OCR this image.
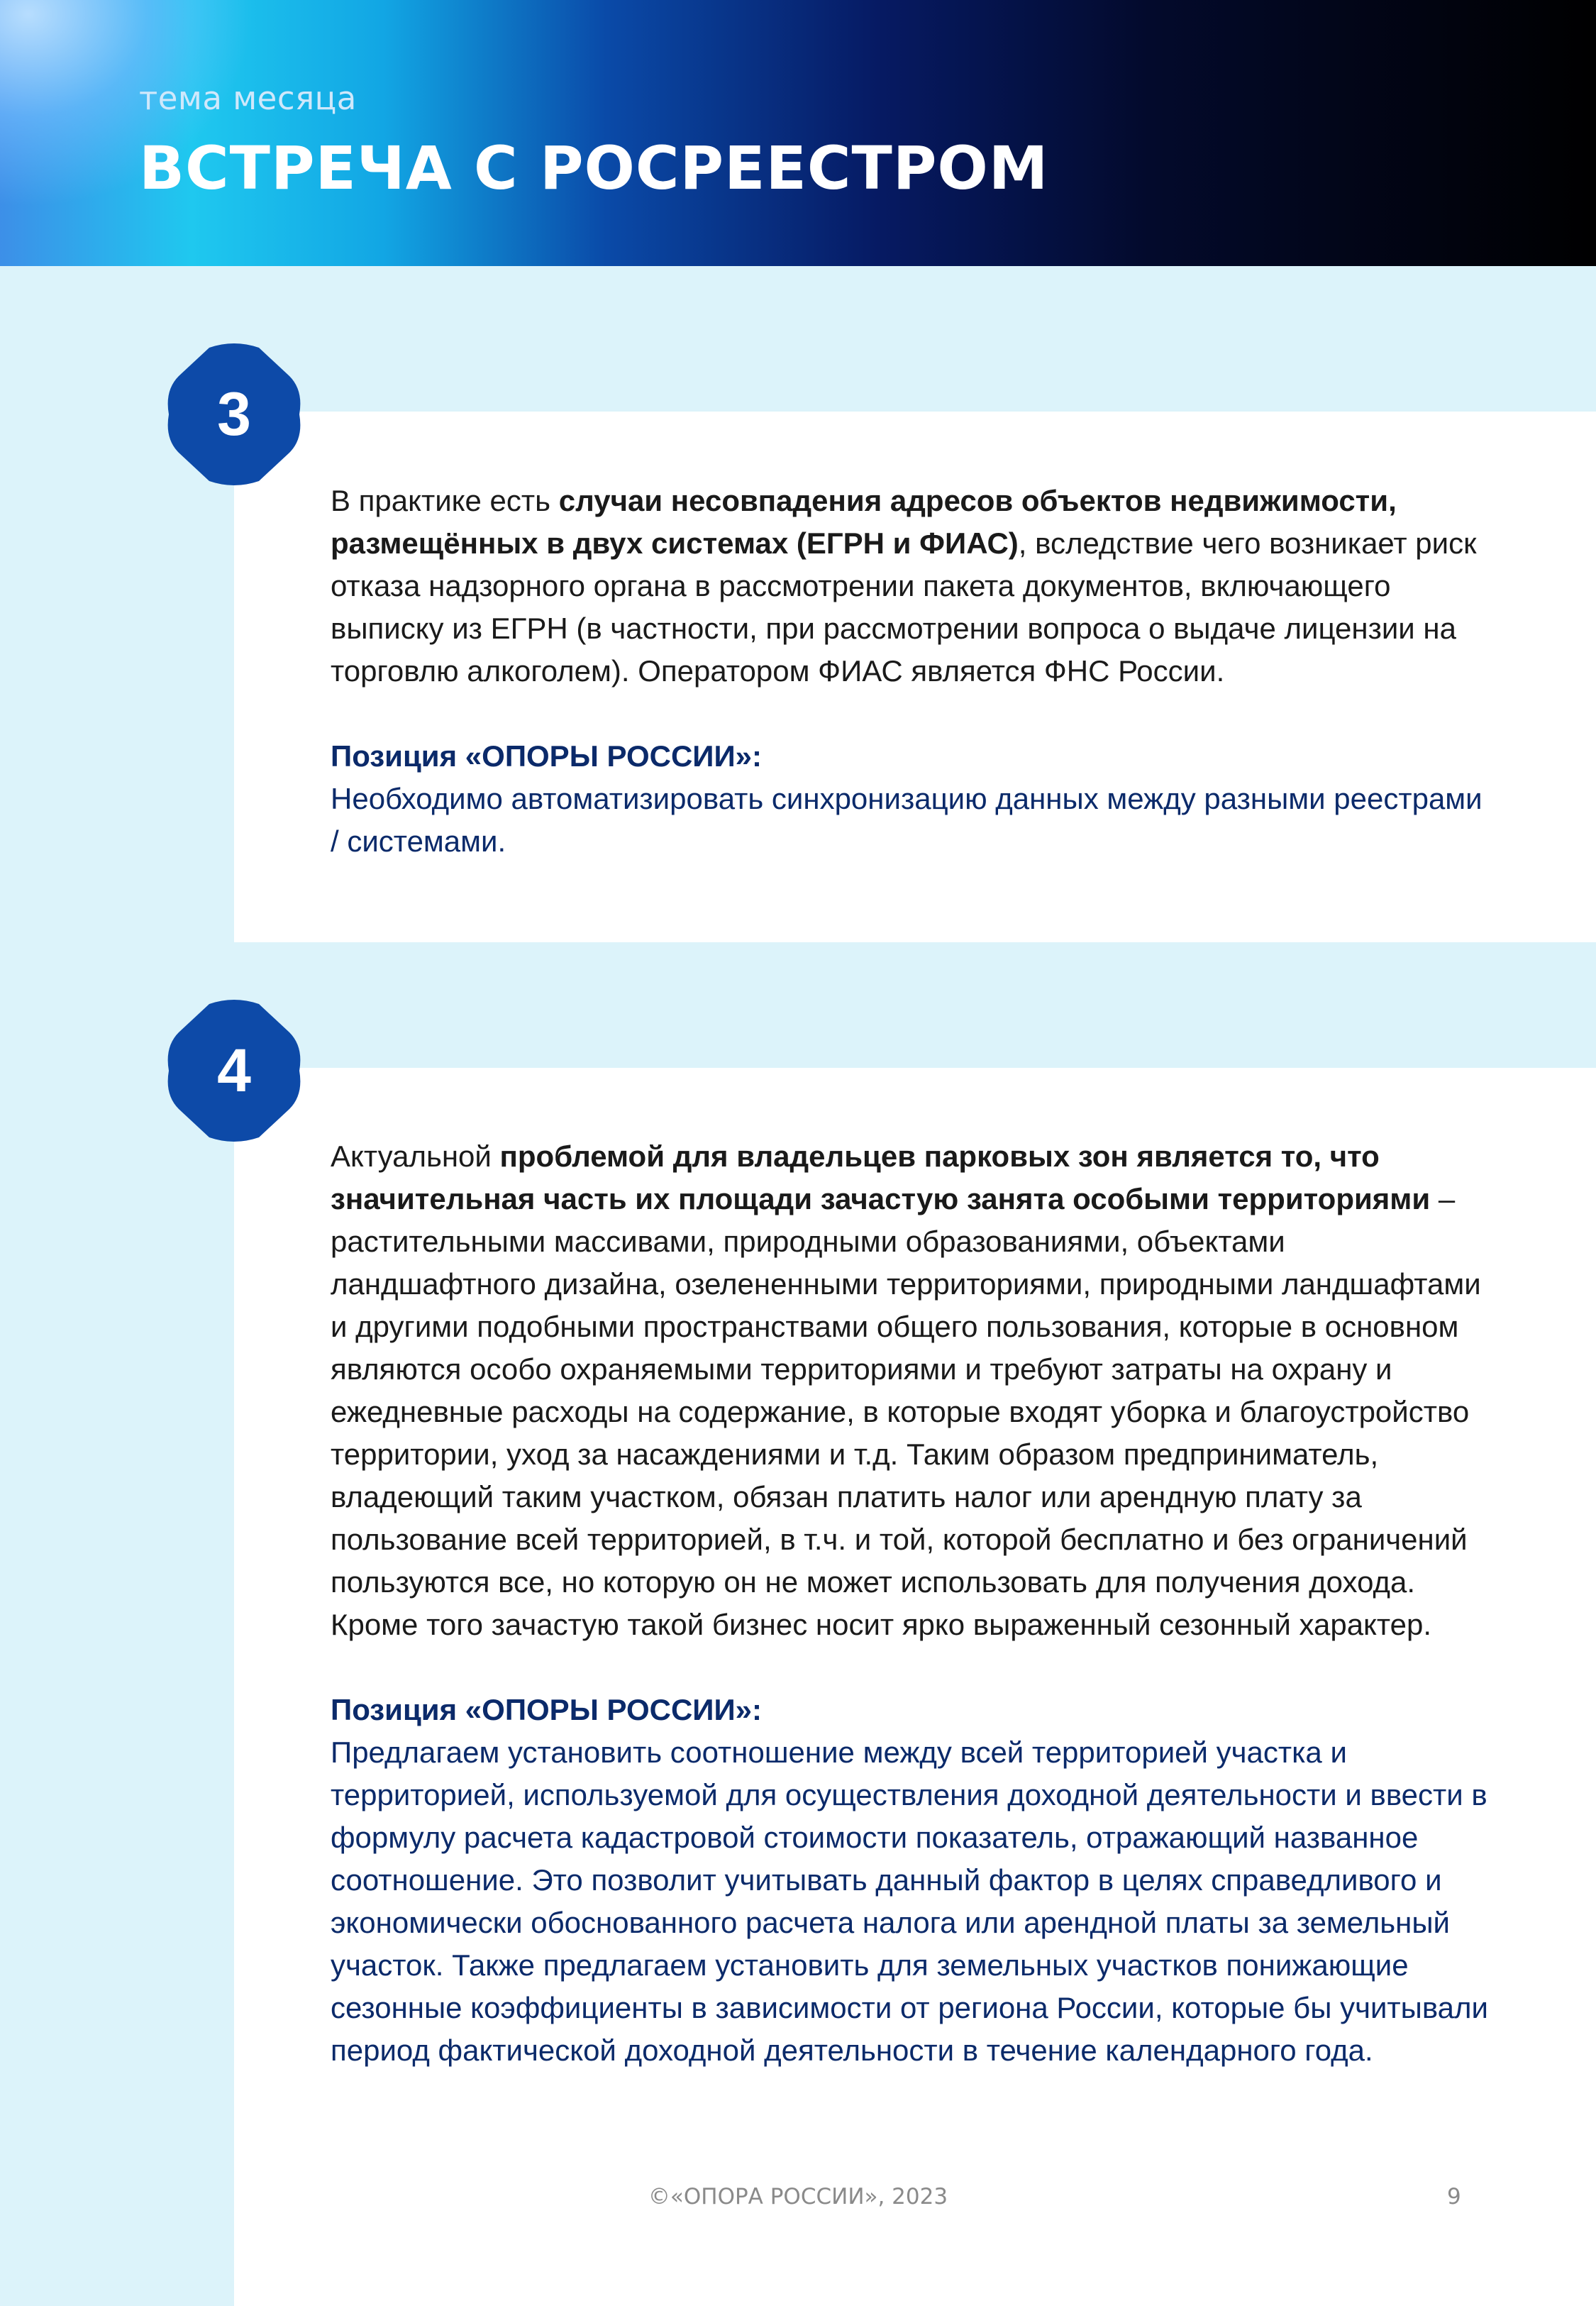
тема месяца
ВСТРЕЧА С РОСРЕЕСТРОМ
3

В практике есть случаи несовпадения адресов объектов недвижимости, размещённых в двух системах (ЕГРН и ФИАС), вследствие чего возникает риск отказа надзорного органа в рассмотрении пакета документов, включающего выписку из ЕГРН (в частности, при рассмотрении вопроса о выдаче лицензии на торговлю алкоголем). Оператором ФИАС является ФНС России.

Позиция «ОПОРЫ РОССИИ»:

Необходимо автоматизировать синхронизацию данных между разными реестрами / системами.

4

Актуальной проблемой для владельцев парковых зон является то, что значительная часть их площади зачастую занята особыми территориями – растительными массивами, природными образованиями, объектами ландшафтного дизайна, озелененными территориями, природными ландшафтами и другими подобными пространствами общего пользования, которые в основном являются особо охраняемыми территориями и требуют затраты на охрану и ежедневные расходы на содержание, в которые входят уборка и благоустройство территории, уход за насаждениями и т.д. Таким образом предприниматель, владеющий таким участком, обязан платить налог или арендную плату за пользование всей территорией, в т.ч. и той, которой бесплатно и без ограничений пользуются все, но которую он не может использовать для получения дохода. Кроме того зачастую такой бизнес носит ярко выраженный сезонный характер.

Позиция «ОПОРЫ РОССИИ»:

Предлагаем установить соотношение между всей территорией участка и территорией, используемой для осуществления доходной деятельности и ввести в формулу расчета кадастровой стоимости показатель, отражающий названное соотношение. Это позволит учитывать данный фактор в целях справедливого и экономически обоснованного расчета налога или арендной платы за земельный участок. Также предлагаем установить для земельных участков понижающие сезонные коэффициенты в зависимости от региона России, которые бы учитывали период фактической доходной деятельности в течение календарного года.

©«ОПОРА РОССИИ», 2023	9
